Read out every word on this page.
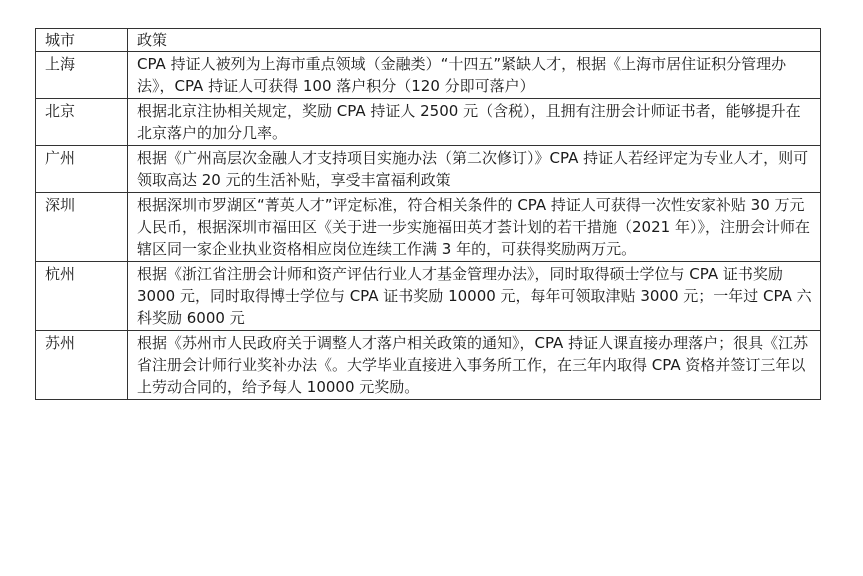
城市	政策
上海	CPA 持证人被列为上海市重点领域（金融类）“十四五”紧缺人才，根据《上海市居住证积分管理办法》，CPA 持证人可获得 100 落户积分（120 分即可落户）
北京	根据北京注协相关规定，奖励 CPA 持证人 2500 元（含税），且拥有注册会计师证书者，能够提升在北京落户的加分几率。
广州	根据《广州高层次金融人才支持项目实施办法（第二次修订）》CPA 持证人若经评定为专业人才，则可领取高达 20 元的生活补贴，享受丰富福利政策
深圳	根据深圳市罗湖区“菁英人才”评定标准，符合相关条件的 CPA 持证人可获得一次性安家补贴 30 万元人民币，根据深圳市福田区《关于进一步实施福田英才荟计划的若干措施（2021 年）》，注册会计师在辖区同一家企业执业资格相应岗位连续工作满 3 年的，可获得奖励两万元。
杭州	根据《浙江省注册会计师和资产评估行业人才基金管理办法》，同时取得硕士学位与 CPA 证书奖励 3000 元，同时取得博士学位与 CPA 证书奖励 10000 元，每年可领取津贴 3000 元；一年过 CPA 六科奖励 6000 元
苏州	根据《苏州市人民政府关于调整人才落户相关政策的通知》，CPA 持证人课直接办理落户；很具《江苏省注册会计师行业奖补办法《。大学毕业直接进入事务所工作，在三年内取得 CPA 资格并签订三年以上劳动合同的，给予每人 10000 元奖励。
